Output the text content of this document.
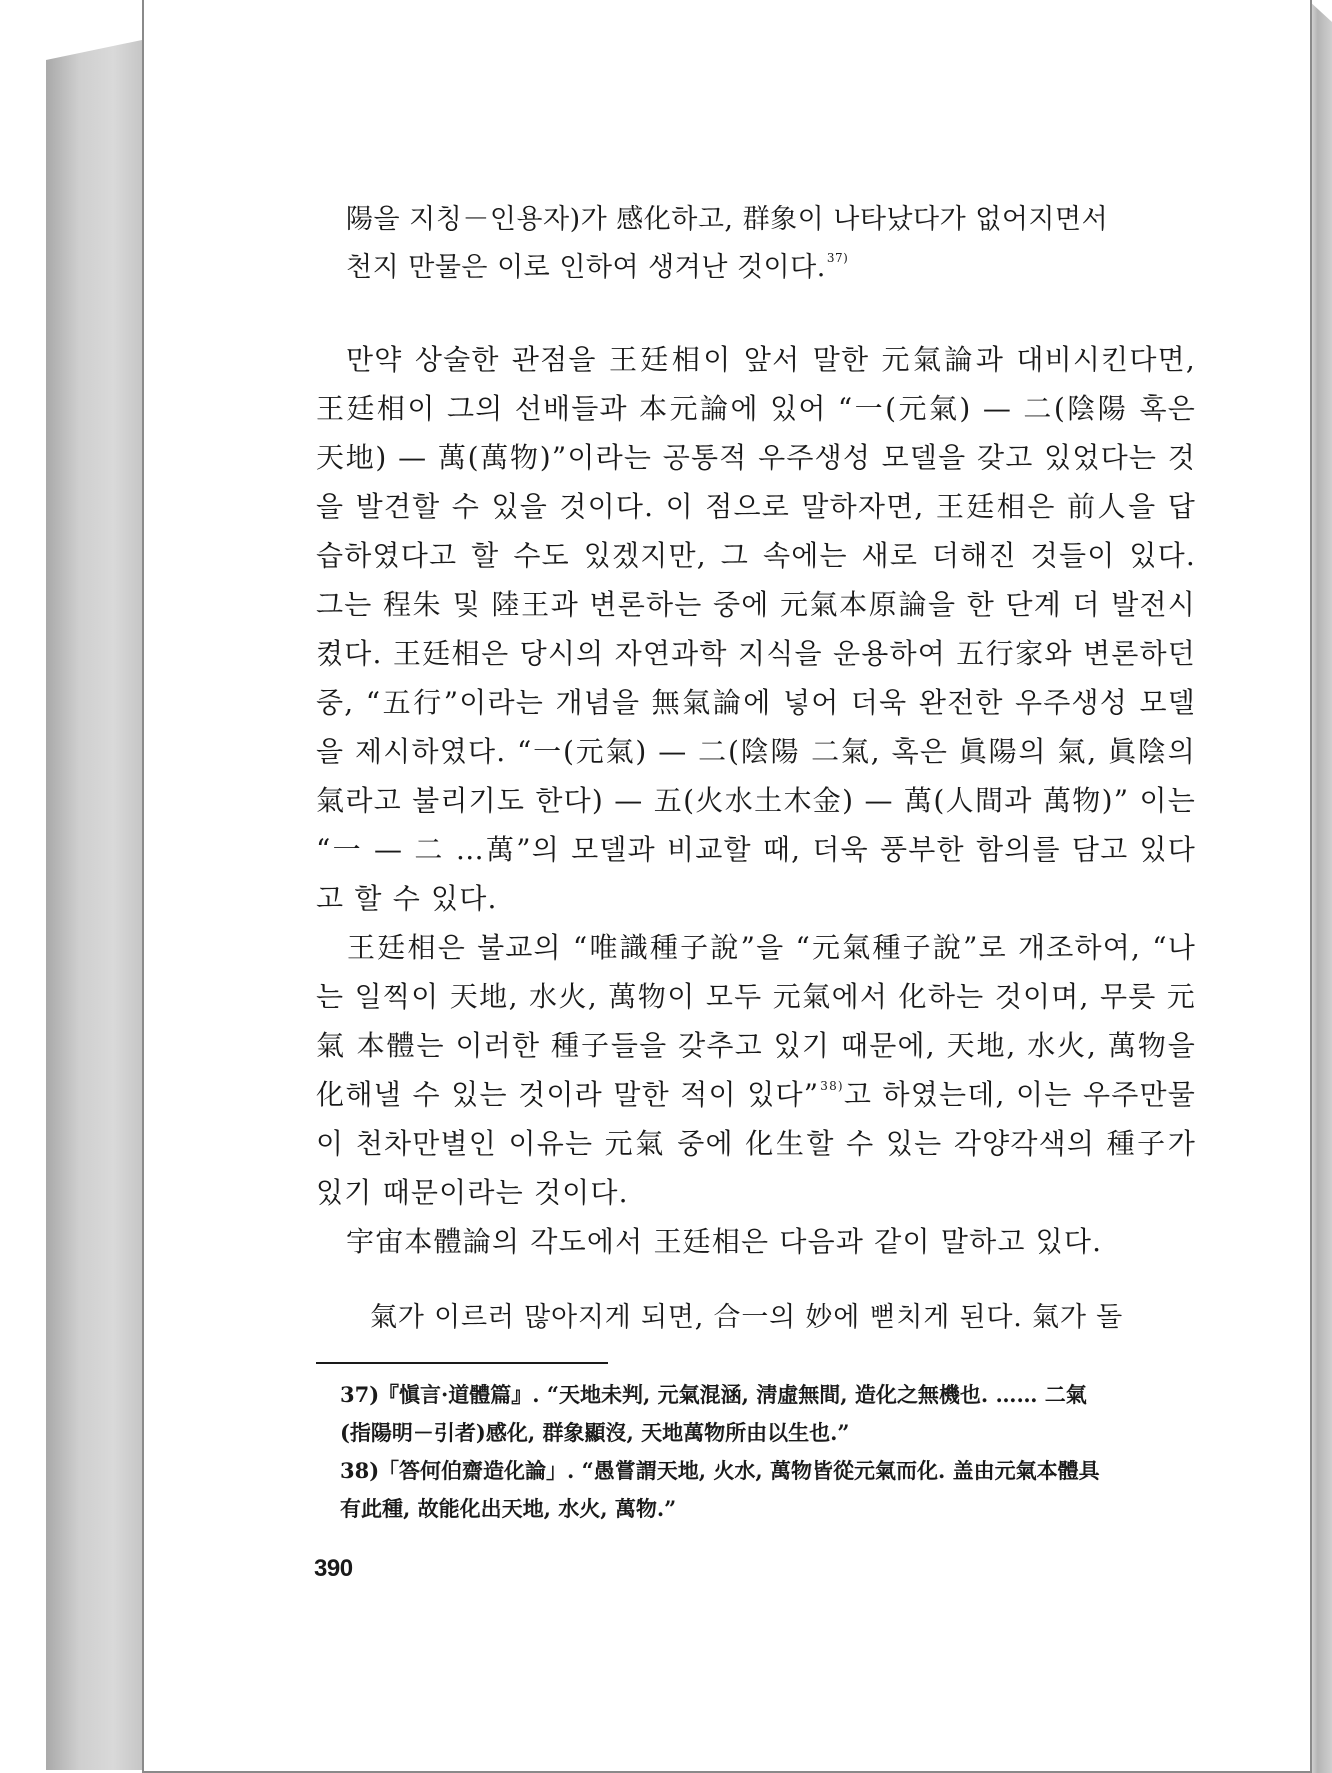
陽을 지칭－인용자)가 感化하고, 群象이 나타났다가 없어지면서
천지 만물은 이로 인하여 생겨난 것이다.$^{37)}$
만약 상술한 관점을 王廷相이 앞서 말한 元氣論과 대비시킨다면, 王廷相이 그의 선배들과 本元論에 있어 “一(元氣) — 二(陰陽 혹은 天地) — 萬(萬物)”이라는 공통적 우주생성 모델을 갖고 있었다는 것을 발견할 수 있을 것이다. 이 점으로 말하자면, 王廷相은 前人을 답습하였다고 할 수도 있겠지만, 그 속에는 새로 더해진 것들이 있다. 그는 程朱 및 陸王과 변론하는 중에 元氣本原論을 한 단계 더 발전시켰다. 王廷相은 당시의 자연과학 지식을 운용하여 五行家와 변론하던 중, “五行”이라는 개념을 無氣論에 넣어 더욱 완전한 우주생성 모델을 제시하였다. “一(元氣) — 二(陰陽 二氣, 혹은 眞陽의 氣, 眞陰의 氣라고 불리기도 한다) — 五(火水土木金) — 萬(人間과 萬物)” 이는 “一 — 二 …萬”의 모델과 비교할 때, 더욱 풍부한 함의를 담고 있다고 할 수 있다.
王廷相은 불교의 “唯識種子說”을 “元氣種子說”로 개조하여, “나는 일찍이 天地, 水火, 萬物이 모두 元氣에서 化하는 것이며, 무릇 元氣 本體는 이러한 種子들을 갖추고 있기 때문에, 天地, 水火, 萬物을 化해낼 수 있는 것이라 말한 적이 있다”$^{38)}$고 하였는데, 이는 우주만물이 천차만별인 이유는 元氣 중에 化生할 수 있는 각양각색의 種子가 있기 때문이라는 것이다.
宇宙本體論의 각도에서 王廷相은 다음과 같이 말하고 있다.
氣가 이르러 많아지게 되면, 合一의 妙에 뻗치게 된다. 氣가 돌
37)『愼言·道體篇』. “天地未判, 元氣混涵, 淸虛無間, 造化之無機也. …… 二氣
(指陽明－引者)感化, 群象顯沒, 天地萬物所由以生也.”
38)「答何伯齋造化論」. “愚嘗謂天地, 火水, 萬物皆從元氣而化. 盖由元氣本體具
有此種, 故能化出天地, 水火, 萬物.”
390
